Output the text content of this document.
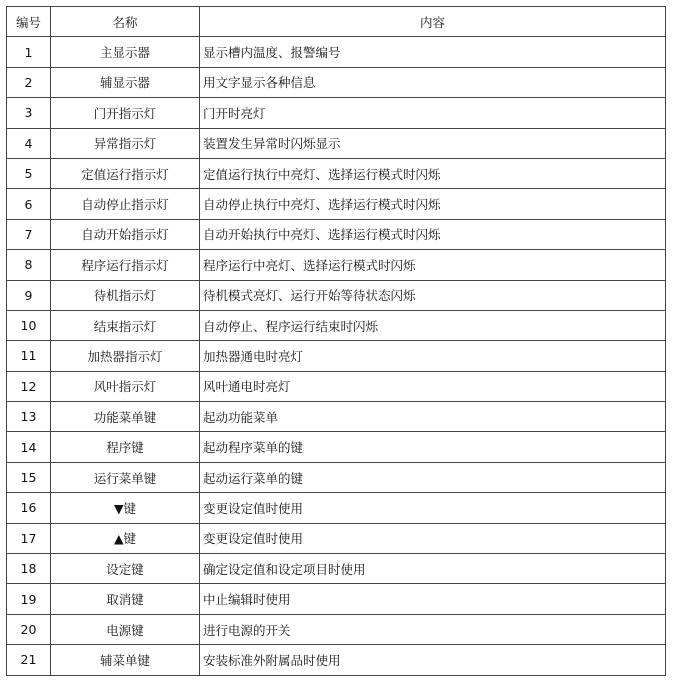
编号	名称	内容
1	主显示器	显示槽内温度、报警编号
2	辅显示器	用文字显示各种信息
3	门开指示灯	门开时亮灯
4	异常指示灯	装置发生异常时闪烁显示
5	定值运行指示灯	定值运行执行中亮灯、选择运行模式时闪烁
6	自动停止指示灯	自动停止执行中亮灯、选择运行模式时闪烁
7	自动开始指示灯	自动开始执行中亮灯、选择运行模式时闪烁
8	程序运行指示灯	程序运行中亮灯、选择运行模式时闪烁
9	待机指示灯	待机模式亮灯、运行开始等待状态闪烁
10	结束指示灯	自动停止、程序运行结束时闪烁
11	加热器指示灯	加热器通电时亮灯
12	风叶指示灯	风叶通电时亮灯
13	功能菜单键	起动功能菜单
14	程序键	起动程序菜单的键
15	运行菜单键	起动运行菜单的键
16	▼键	变更设定值时使用
17	▲键	变更设定值时使用
18	设定键	确定设定值和设定项目时使用
19	取消键	中止编辑时使用
20	电源键	进行电源的开关
21	辅菜单键	安装标准外附属品时使用
